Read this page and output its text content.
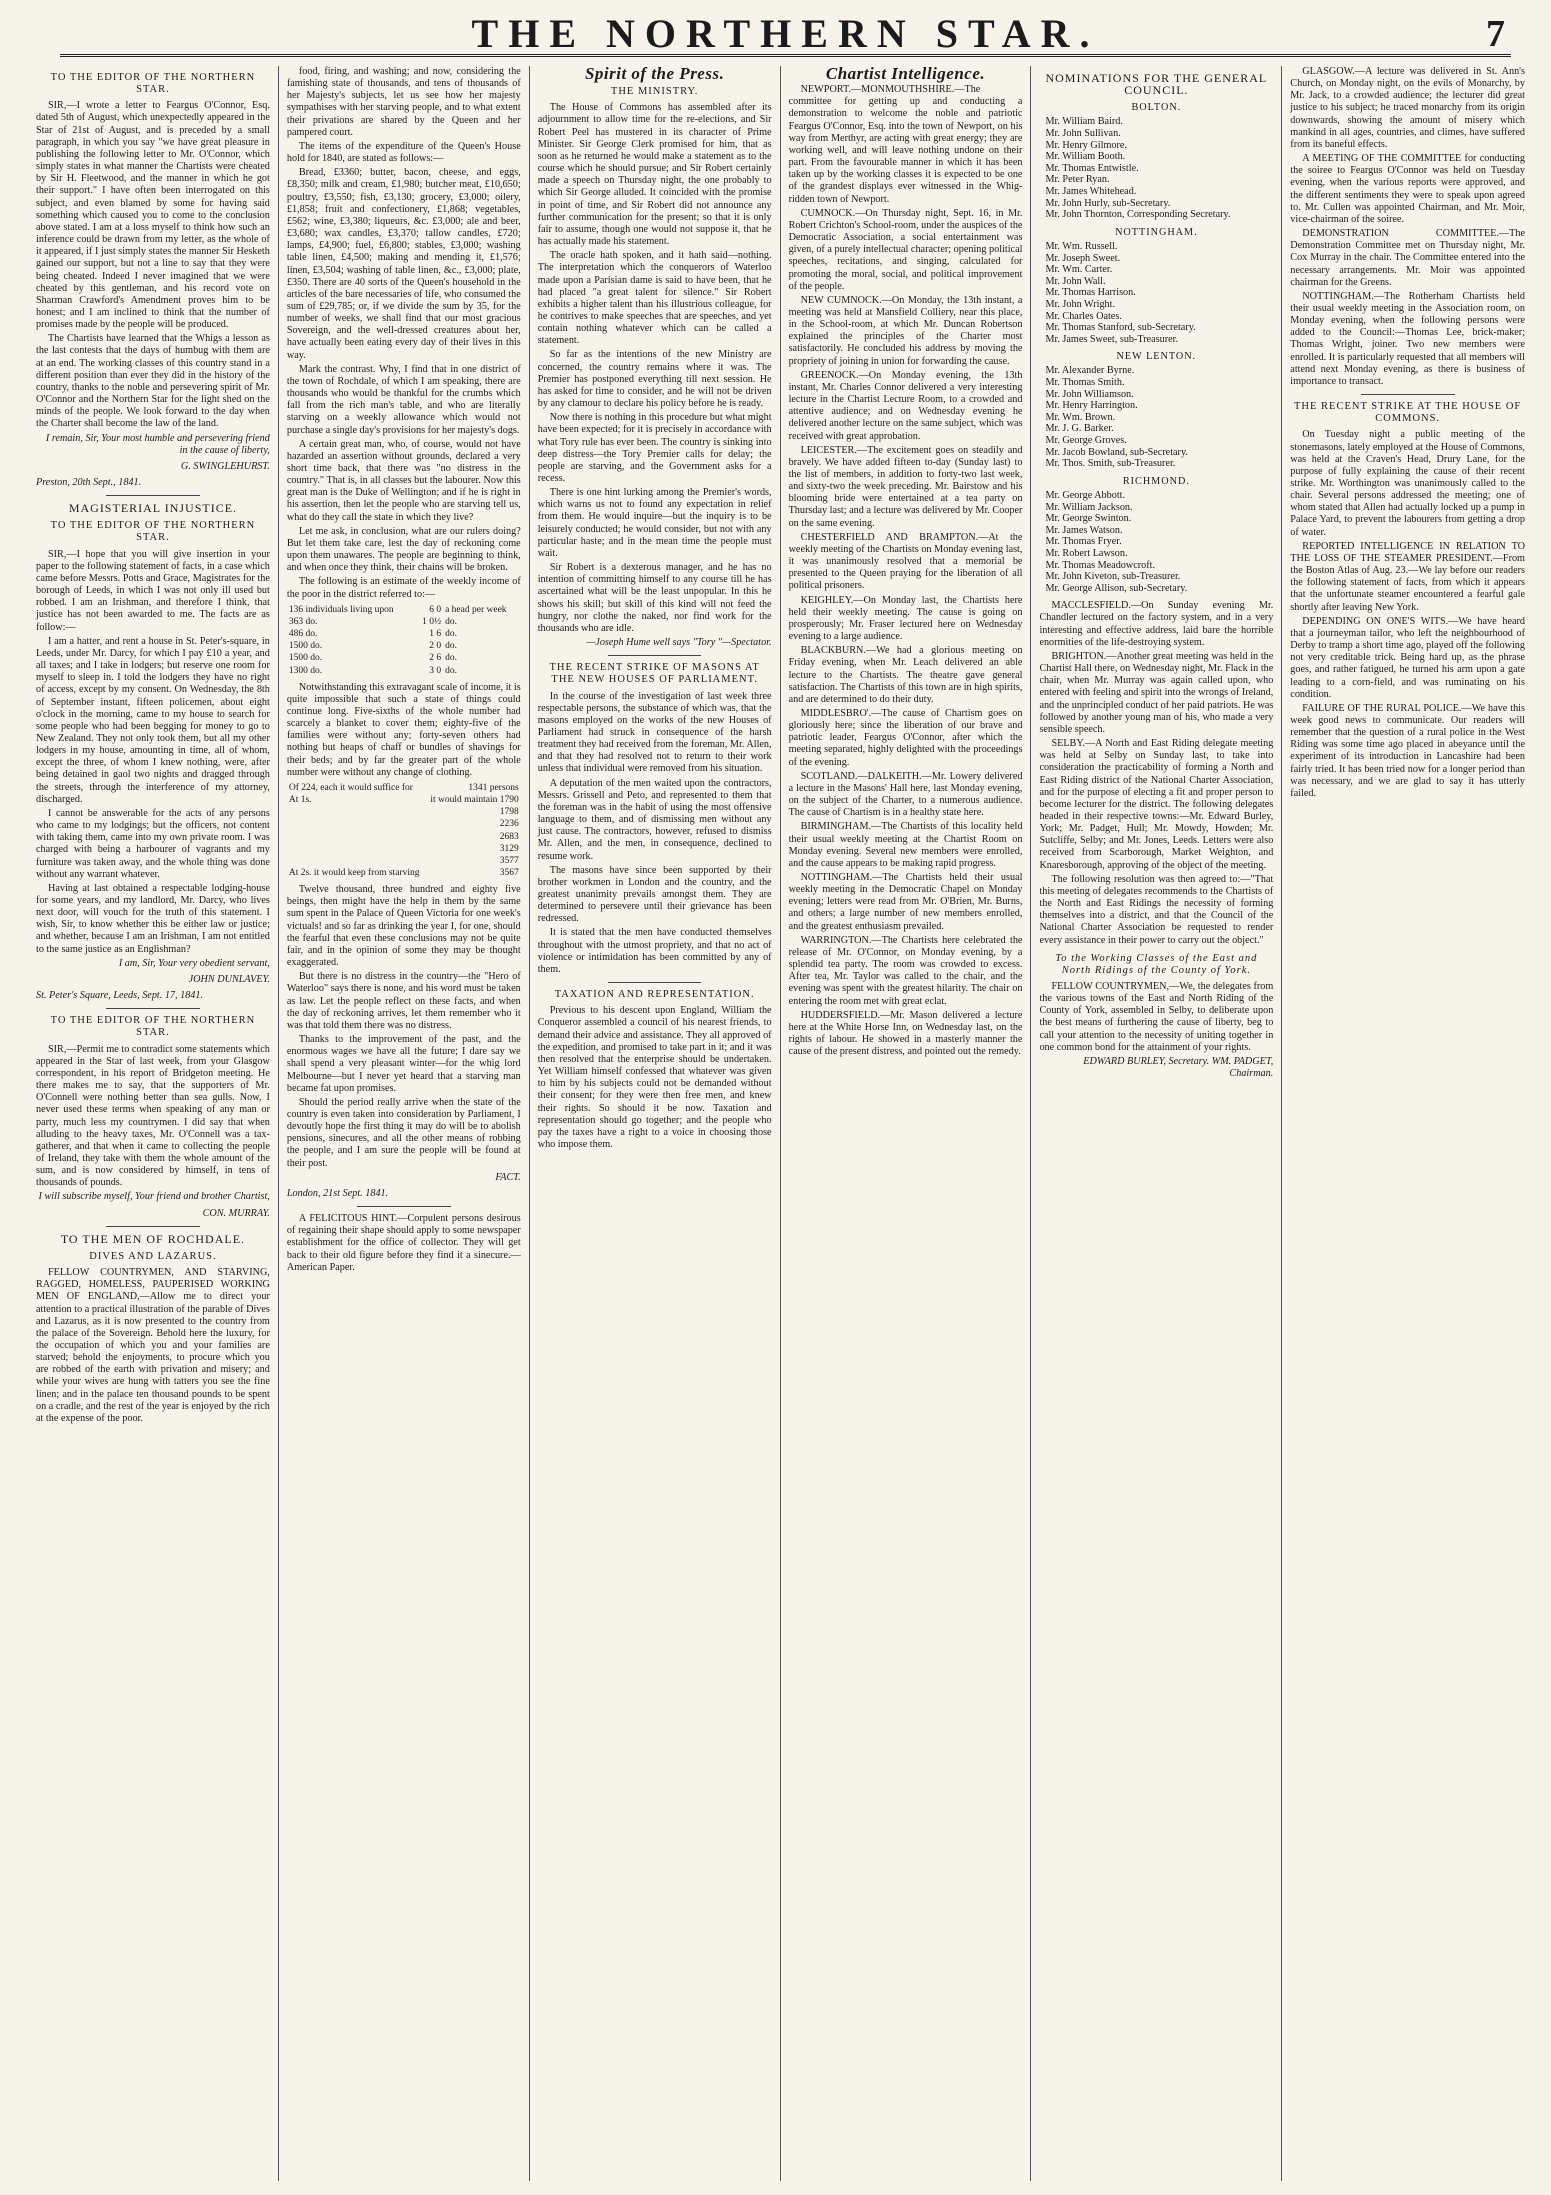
THE NORTHERN STAR.	7
TO THE EDITOR OF THE NORTHERN STAR.

SIR,—I wrote a letter to Feargus O'Connor, Esq. dated 5th of August, which unexpectedly appeared in the Star of 21st of August, and is preceded by a small paragraph, in which you say "we have great pleasure in publishing the following letter to Mr. O'Connor, which simply states in what manner the Chartists were cheated by Sir H. Fleetwood, and the manner in which he got their support." I have often been interrogated on this subject, and even blamed by some for having said something which caused you to come to the conclusion above stated. I am at a loss myself to think how such an inference could be drawn from my letter, as the whole of it appeared, if I just simply states the manner Sir Hesketh gained our support, but not a line to say that they were being cheated. Indeed I never imagined that we were cheated by this gentleman, and his record vote on Sharman Crawford's Amendment proves him to be honest; and I am inclined to think that the number of promises made by the people will be produced.

The Chartists have learned that the Whigs a lesson as the last contests that the days of humbug with them are at an end. The working classes of this country stand in a different position than ever they did in the history of the country, thanks to the noble and persevering spirit of Mr. O'Connor and the Northern Star for the light shed on the minds of the people. We look forward to the day when the Charter shall become the law of the land.

I remain, Sir, Your most humble and persevering friend in the cause of liberty,
G. SWINGLEHURST.
Preston, 20th Sept., 1841.
MAGISTERIAL INJUSTICE.
TO THE EDITOR OF THE NORTHERN STAR.

SIR,—I hope that you will give insertion in your paper to the following statement of facts, in a case which came before Messrs. Potts and Grace, Magistrates for the borough of Leeds, in which I was not only ill used but robbed. I am an Irishman, and therefore I think, that justice has not been awarded to me. The facts are as follow:—

I am a hatter, and rent a house in St. Peter's-square, in Leeds, under Mr. Darcy, for which I pay £10 a year, and all taxes; and I take in lodgers; but reserve one room for myself to sleep in. I told the lodgers they have no right of access, except by my consent. On Wednesday, the 8th of September instant, fifteen policemen, about eight o'clock in the morning, came to my house to search for some people who had been begging for money to go to New Zealand. They not only took them, but all my other lodgers in my house, amounting in time, all of whom, except the three, of whom I knew nothing, were, after being detained in gaol two nights and dragged through the streets, through the interference of my attorney, discharged.

I cannot be answerable for the acts of any persons who came to my lodgings; but the officers, not content with taking them, came into my own private room. I was charged with being a harbourer of vagrants and my furniture was taken away, and the whole thing was done without any warrant whatever.

Having at last obtained a respectable lodging-house for some years, and my landlord, Mr. Darcy, who lives next door, will vouch for the truth of this statement. I wish, Sir, to know whether this be either law or justice; and whether, because I am an Irishman, I am not entitled to the same justice as an Englishman?

I am, Sir, Your very obedient servant,
JOHN DUNLAVEY.
St. Peter's Square, Leeds, Sept. 17, 1841.
TO THE EDITOR OF THE NORTHERN STAR.

SIR,—Permit me to contradict some statements which appeared in the Star of last week, from your Glasgow correspondent, in his report of Bridgeton meeting. He there makes me to say, that the supporters of Mr. O'Connell were nothing better than sea gulls. Now, I never used these terms when speaking of any man or party, much less my countrymen. I did say that when alluding to the heavy taxes, Mr. O'Connell was a tax-gatherer, and that when it came to collecting the people of Ireland, they take with them the whole amount of the sum, and is now considered by himself, in tens of thousands of pounds.

I will subscribe myself, Your friend and brother Chartist,
CON. MURRAY.
TO THE MEN OF ROCHDALE.
DIVES AND LAZARUS.

FELLOW COUNTRYMEN, AND STARVING, RAGGED, HOMELESS, PAUPERISED WORKING MEN OF ENGLAND,—Allow me to direct your attention to a practical illustration of the parable of Dives and Lazarus, as it is now presented to the country from the palace of the Sovereign. Behold here the luxury, for the occupation of which you and your families are starved; behold the enjoyments, to procure which you are robbed of the earth with privation and misery; and while your wives are hung with tatters you see the fine linen; and in the palace ten thousand pounds to be spent on a cradle, and the rest of the year is enjoyed by the rich at the expense of the poor.

food, firing, and washing; and now, considering the famishing state of thousands, and tens of thousands of her Majesty's subjects, let us see how her majesty sympathises with her starving people, and to what extent their privations are shared by the Queen and her pampered court.

The items of the expenditure of the Queen's House hold for 1840, are stated as follows:—

Bread, £3360; butter, bacon, cheese, and eggs, £8,350; milk and cream, £1,980; butcher meat, £10,650; poultry, £3,550; fish, £3,130; grocery, £3,000; oilery, £1,858; fruit and confectionery, £1,868; vegetables, £562; wine, £3,380; liqueurs, &c. £3,000; ale and beer, £3,680; wax candles, £3,370; tallow candles, £720; lamps, £4,900; fuel, £6,800; stables, £3,000; washing table linen, £4,500; making and mending it, £1,576; linen, £3,504; washing of table linen, &c., £3,000; plate, £350. There are 40 sorts of the Queen's household in the articles of the bare necessaries of life, who consumed the sum of £29,785; or, if we divide the sum by 35, for the number of weeks, we shall find that our most gracious Sovereign, and the well-dressed creatures about her, have actually been eating every day of their lives in this way.

Mark the contrast. Why, I find that in one district of the town of Rochdale, of which I am speaking, there are thousands who would be thankful for the crumbs which fall from the rich man's table, and who are literally starving on a weekly allowance which would not purchase a single day's provisions for her majesty's dogs.

A certain great man, who, of course, would not have hazarded an assertion without grounds, declared a very short time back, that there was "no distress in the country." That is, in all classes but the labourer. Now this great man is the Duke of Wellington; and if he is right in his assertion, then let the people who are starving tell us, what do they call the state in which they live?

Let me ask, in conclusion, what are our rulers doing? But let them take care, lest the day of reckoning come upon them unawares. The people are beginning to think, and when once they think, their chains will be broken.

The following is an estimate of the weekly income of the poor in the district referred to:—

136 individuals living upon	6 0	a head per week
363 do.	1 0½	do.
486 do.	1 6	do.
1500 do.	2 0	do.
1500 do.	2 6	do.
1300 do.	3 0	do.

Notwithstanding this extravagant scale of income, it is quite impossible that such a state of things could continue long. Five-sixths of the whole number had scarcely a blanket to cover them; eighty-five of the families were without any; forty-seven others had nothing but heaps of chaff or bundles of shavings for their beds; and by far the greater part of the whole number were without any change of clothing.

Of 224, each it would suffice for	1341 persons
At 1s.	it would maintain 1790
	1798
	2236
	2683
	3129
	3577
At 2s. it would keep from starving	3567

Twelve thousand, three hundred and eighty five beings, then might have the help in them by the same sum spent in the Palace of Queen Victoria for one week's victuals! and so far as drinking the year I, for one, should the fearful that even these conclusions may not be quite fair, and in the opinion of some they may be thought exaggerated.

But there is no distress in the country—the "Hero of Waterloo" says there is none, and his word must be taken as law. Let the people reflect on these facts, and when the day of reckoning arrives, let them remember who it was that told them there was no distress.

Thanks to the improvement of the past, and the enormous wages we have all the future; I dare say we shall spend a very pleasant winter—for the whig lord Melbourne—but I never yet heard that a starving man became fat upon promises.

Should the period really arrive when the state of the country is even taken into consideration by Parliament, I devoutly hope the first thing it may do will be to abolish pensions, sinecures, and all the other means of robbing the people, and I am sure the people will be found at their post.

FACT.
London, 21st Sept. 1841.

A FELICITOUS HINT.—Corpulent persons desirous of regaining their shape should apply to some newspaper establishment for the office of collector. They will get back to their old figure before they find it a sinecure.—American Paper.

Spirit of the Press.
THE MINISTRY.

The House of Commons has assembled after its adjournment to allow time for the re-elections, and Sir Robert Peel has mustered in its character of Prime Minister. Sir George Clerk promised for him, that as soon as he returned he would make a statement as to the course which he should pursue; and Sir Robert certainly made a speech on Thursday night, the one probably to which Sir George alluded. It coincided with the promise in point of time, and Sir Robert did not announce any further communication for the present; so that it is only fair to assume, though one would not suppose it, that he has actually made his statement.

The oracle hath spoken, and it hath said—nothing. The interpretation which the conquerors of Waterloo made upon a Parisian dame is said to have been, that he had placed "a great talent for silence." Sir Robert exhibits a higher talent than his illustrious colleague, for he contrives to make speeches that are speeches, and yet contain nothing whatever which can be called a statement.

So far as the intentions of the new Ministry are concerned, the country remains where it was. The Premier has postponed everything till next session. He has asked for time to consider, and he will not be driven by any clamour to declare his policy before he is ready.

Now there is nothing in this procedure but what might have been expected; for it is precisely in accordance with what Tory rule has ever been. The country is sinking into deep distress—the Tory Premier calls for delay; the people are starving, and the Government asks for a recess.

There is one hint lurking among the Premier's words, which warns us not to found any expectation in relief from them. He would inquire—but the inquiry is to be leisurely conducted; he would consider, but not with any particular haste; and in the mean time the people must wait.

Sir Robert is a dexterous manager, and he has no intention of committing himself to any course till he has ascertained what will be the least unpopular. In this he shows his skill; but skill of this kind will not feed the hungry, nor clothe the naked, nor find work for the thousands who are idle.

—Joseph Hume well says "Tory "—Spectator.
THE RECENT STRIKE OF MASONS AT THE NEW HOUSES OF PARLIAMENT.

In the course of the investigation of last week three respectable persons, the substance of which was, that the masons employed on the works of the new Houses of Parliament had struck in consequence of the harsh treatment they had received from the foreman, Mr. Allen, and that they had resolved not to return to their work unless that individual were removed from his situation.

A deputation of the men waited upon the contractors, Messrs. Grissell and Peto, and represented to them that the foreman was in the habit of using the most offensive language to them, and of dismissing men without any just cause. The contractors, however, refused to dismiss Mr. Allen, and the men, in consequence, declined to resume work.

The masons have since been supported by their brother workmen in London and the country, and the greatest unanimity prevails amongst them. They are determined to persevere until their grievance has been redressed.

It is stated that the men have conducted themselves throughout with the utmost propriety, and that no act of violence or intimidation has been committed by any of them.

TAXATION AND REPRESENTATION.

Previous to his descent upon England, William the Conqueror assembled a council of his nearest friends, to demand their advice and assistance. They all approved of the expedition, and promised to take part in it; and it was then resolved that the enterprise should be undertaken. Yet William himself confessed that whatever was given to him by his subjects could not be demanded without their consent; for they were then free men, and knew their rights. So should it be now. Taxation and representation should go together; and the people who pay the taxes have a right to a voice in choosing those who impose them.

Chartist Intelligence.

NEWPORT.—MONMOUTHSHIRE.—The committee for getting up and conducting a demonstration to welcome the noble and patriotic Feargus O'Connor, Esq. into the town of Newport, on his way from Merthyr, are acting with great energy; they are working well, and will leave nothing undone on their part. From the favourable manner in which it has been taken up by the working classes it is expected to be one of the grandest displays ever witnessed in the Whig-ridden town of Newport.

CUMNOCK.—On Thursday night, Sept. 16, in Mr. Robert Crichton's School-room, under the auspices of the Democratic Association, a social entertainment was given, of a purely intellectual character; opening political speeches, recitations, and singing, calculated for promoting the moral, social, and political improvement of the people.

NEW CUMNOCK.—On Monday, the 13th instant, a meeting was held at Mansfield Colliery, near this place, in the School-room, at which Mr. Duncan Robertson explained the principles of the Charter most satisfactorily. He concluded his address by moving the propriety of joining in union for forwarding the cause.

GREENOCK.—On Monday evening, the 13th instant, Mr. Charles Connor delivered a very interesting lecture in the Chartist Lecture Room, to a crowded and attentive audience; and on Wednesday evening he delivered another lecture on the same subject, which was received with great approbation.

LEICESTER.—The excitement goes on steadily and bravely. We have added fifteen to-day (Sunday last) to the list of members, in addition to forty-two last week, and sixty-two the week preceding. Mr. Bairstow and his blooming bride were entertained at a tea party on Thursday last; and a lecture was delivered by Mr. Cooper on the same evening.

CHESTERFIELD AND BRAMPTON.—At the weekly meeting of the Chartists on Monday evening last, it was unanimously resolved that a memorial be presented to the Queen praying for the liberation of all political prisoners.

KEIGHLEY.—On Monday last, the Chartists here held their weekly meeting. The cause is going on prosperously; Mr. Fraser lectured here on Wednesday evening to a large audience.

BLACKBURN.—We had a glorious meeting on Friday evening, when Mr. Leach delivered an able lecture to the Chartists. The theatre gave general satisfaction. The Chartists of this town are in high spirits, and are determined to do their duty.

MIDDLESBRO'.—The cause of Chartism goes on gloriously here; since the liberation of our brave and patriotic leader, Feargus O'Connor, after which the meeting separated, highly delighted with the proceedings of the evening.

SCOTLAND.—DALKEITH.—Mr. Lowery delivered a lecture in the Masons' Hall here, last Monday evening, on the subject of the Charter, to a numerous audience. The cause of Chartism is in a healthy state here.

BIRMINGHAM.—The Chartists of this locality held their usual weekly meeting at the Chartist Room on Monday evening. Several new members were enrolled, and the cause appears to be making rapid progress.

NOTTINGHAM.—The Chartists held their usual weekly meeting in the Democratic Chapel on Monday evening; letters were read from Mr. O'Brien, Mr. Burns, and others; a large number of new members enrolled, and the greatest enthusiasm prevailed.

WARRINGTON.—The Chartists here celebrated the release of Mr. O'Connor, on Monday evening, by a splendid tea party. The room was crowded to excess. After tea, Mr. Taylor was called to the chair, and the evening was spent with the greatest hilarity. The chair on entering the room met with great eclat.

HUDDERSFIELD.—Mr. Mason delivered a lecture here at the White Horse Inn, on Wednesday last, on the rights of labour. He showed in a masterly manner the cause of the present distress, and pointed out the remedy.

NOMINATIONS FOR THE GENERAL COUNCIL.
BOLTON.
Mr. William Baird.
Mr. John Sullivan.
Mr. Henry Gilmore.
Mr. William Booth.
Mr. Thomas Entwistle.
Mr. Peter Ryan.
Mr. James Whitehead.
Mr. John Hurly, sub-Secretary.
Mr. John Thornton, Corresponding Secretary.
NOTTINGHAM.
Mr. Wm. Russell.
Mr. Joseph Sweet.
Mr. Wm. Carter.
Mr. John Wall.
Mr. Thomas Harrison.
Mr. John Wright.
Mr. Charles Oates.
Mr. Thomas Stanford, sub-Secretary.
Mr. James Sweet, sub-Treasurer.
NEW LENTON.
Mr. Alexander Byrne.
Mr. Thomas Smith.
Mr. John Williamson.
Mr. Henry Harrington.
Mr. Wm. Brown.
Mr. J. G. Barker.
Mr. George Groves.
Mr. Jacob Bowland, sub-Secretary.
Mr. Thos. Smith, sub-Treasurer.
RICHMOND.
Mr. George Abbott.
Mr. William Jackson.
Mr. George Swinton.
Mr. James Watson.
Mr. Thomas Fryer.
Mr. Robert Lawson.
Mr. Thomas Meadowcroft.
Mr. John Kiveton, sub-Treasurer.
Mr. George Allison, sub-Secretary.

MACCLESFIELD.—On Sunday evening Mr. Chandler lectured on the factory system, and in a very interesting and effective address, laid bare the horrible enormities of the life-destroying system.

BRIGHTON.—Another great meeting was held in the Chartist Hall there, on Wednesday night, Mr. Flack in the chair, when Mr. Murray was again called upon, who entered with feeling and spirit into the wrongs of Ireland, and the unprincipled conduct of her paid patriots. He was followed by another young man of his, who made a very sensible speech.

SELBY.—A North and East Riding delegate meeting was held at Selby on Sunday last, to take into consideration the practicability of forming a North and East Riding district of the National Charter Association, and for the purpose of electing a fit and proper person to become lecturer for the district. The following delegates headed in their respective towns:—Mr. Edward Burley, York; Mr. Padget, Hull; Mr. Mowdy, Howden; Mr. Sutcliffe, Selby; and Mr. Jones, Leeds. Letters were also received from Scarborough, Market Weighton, and Knaresborough, approving of the object of the meeting.

The following resolution was then agreed to:—"That this meeting of delegates recommends to the Chartists of the North and East Ridings the necessity of forming themselves into a district, and that the Council of the National Charter Association be requested to render every assistance in their power to carry out the object."

To the Working Classes of the East and North Ridings of the County of York.

FELLOW COUNTRYMEN,—We, the delegates from the various towns of the East and North Riding of the County of York, assembled in Selby, to deliberate upon the best means of furthering the cause of liberty, beg to call your attention to the necessity of uniting together in one common bond for the attainment of your rights.

EDWARD BURLEY, Secretary. WM. PADGET, Chairman.

GLASGOW.—A lecture was delivered in St. Ann's Church, on Monday night, on the evils of Monarchy, by Mr. Jack, to a crowded audience; the lecturer did great justice to his subject; he traced monarchy from its origin downwards, showing the amount of misery which mankind in all ages, countries, and climes, have suffered from its baneful effects.

A MEETING OF THE COMMITTEE for conducting the soiree to Feargus O'Connor was held on Tuesday evening, when the various reports were approved, and the different sentiments they were to speak upon agreed to. Mr. Cullen was appointed Chairman, and Mr. Moir, vice-chairman of the soiree.

DEMONSTRATION COMMITTEE.—The Demonstration Committee met on Thursday night, Mr. Cox Murray in the chair. The Committee entered into the necessary arrangements. Mr. Moir was appointed chairman for the Greens.

NOTTINGHAM.—The Rotherham Chartists held their usual weekly meeting in the Association room, on Monday evening, when the following persons were added to the Council:—Thomas Lee, brick-maker; Thomas Wright, joiner. Two new members were enrolled. It is particularly requested that all members will attend next Monday evening, as there is business of importance to transact.

THE RECENT STRIKE AT THE HOUSE OF COMMONS.

On Tuesday night a public meeting of the stonemasons, lately employed at the House of Commons, was held at the Craven's Head, Drury Lane, for the purpose of fully explaining the cause of their recent strike. Mr. Worthington was unanimously called to the chair. Several persons addressed the meeting; one of whom stated that Allen had actually locked up a pump in Palace Yard, to prevent the labourers from getting a drop of water.

REPORTED INTELLIGENCE IN RELATION TO THE LOSS OF THE STEAMER PRESIDENT.—From the Boston Atlas of Aug. 23.—We lay before our readers the following statement of facts, from which it appears that the unfortunate steamer encountered a fearful gale shortly after leaving New York.

DEPENDING ON ONE'S WITS.—We have heard that a journeyman tailor, who left the neighbourhood of Derby to tramp a short time ago, played off the following not very creditable trick. Being hard up, as the phrase goes, and rather fatigued, he turned his arm upon a gate leading to a corn-field, and was ruminating on his condition.

FAILURE OF THE RURAL POLICE.—We have this week good news to communicate. Our readers will remember that the question of a rural police in the West Riding was some time ago placed in abeyance until the experiment of its introduction in Lancashire had been fairly tried. It has been tried now for a longer period than was necessary, and we are glad to say it has utterly failed.
